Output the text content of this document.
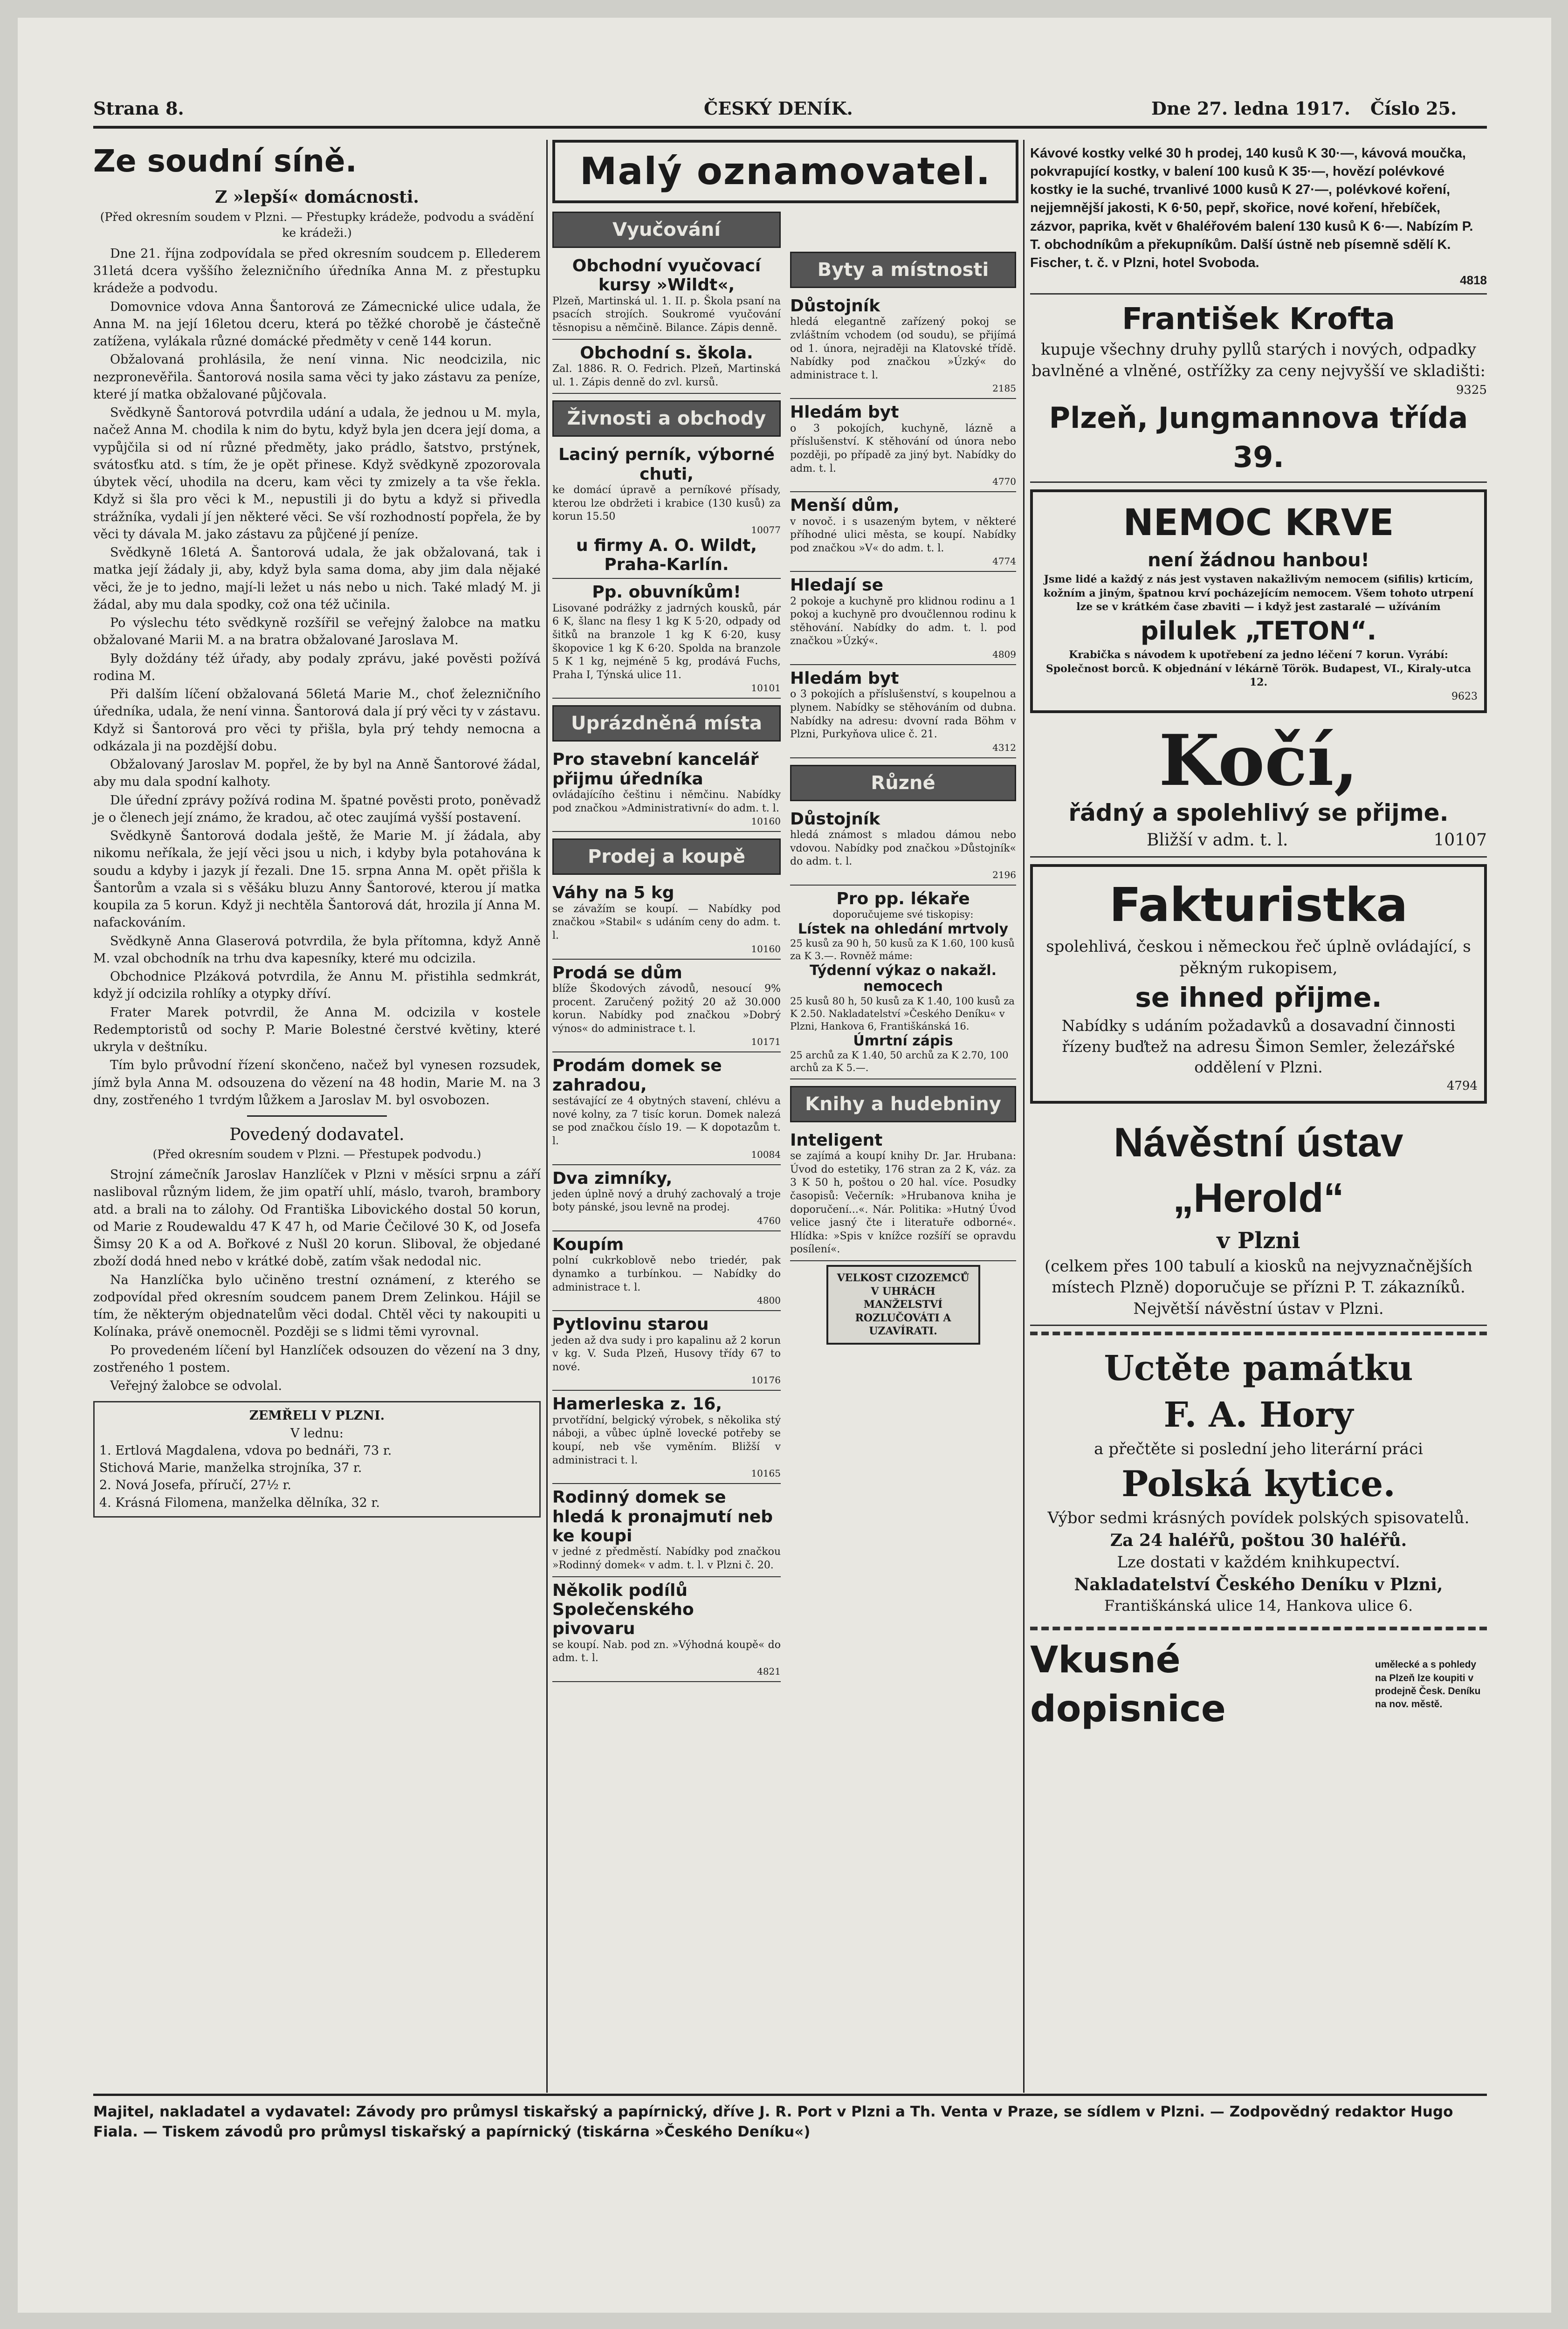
Strana 8.	ČESKÝ DENÍK.	Dne 27. ledna 1917. Číslo 25.
Ze soudní síně.
Z »lepší« domácnosti.
(Před okresním soudem v Plzni. — Přestupky krádeže, podvodu a svádění ke krádeži.)

Dne 21. října zodpovídala se před okresním soudcem p. Ellederem 31letá dcera vyššího železničního úředníka Anna M. z přestupku krádeže a podvodu.

Domovnice vdova Anna Šantorová ze Zámecnické ulice udala, že Anna M. na její 16letou dceru, která po těžké chorobě je částečně zatížena, vylákala různé domácké předměty v ceně 144 korun.

Obžalovaná prohlásila, že není vinna. Nic neodcizila, nic nezpronevěřila. Šantorová nosila sama věci ty jako zástavu za peníze, které jí matka obžalované půjčovala.

Svědkyně Šantorová potvrdila udání a udala, že jednou u M. myla, načež Anna M. chodila k nim do bytu, když byla jen dcera její doma, a vypůjčila si od ní různé předměty, jako prádlo, šatstvo, prstýnek, svátosťku atd. s tím, že je opět přinese. Když svědkyně zpozorovala úbytek věcí, uhodila na dceru, kam věci ty zmizely a ta vše řekla. Když si šla pro věci k M., nepustili ji do bytu a když si přivedla strážníka, vydali jí jen některé věci. Se vší rozhodností popřela, že by věci ty dávala M. jako zástavu za půjčené jí peníze.

Svědkyně 16letá A. Šantorová udala, že jak obžalovaná, tak i matka její žádaly ji, aby, když byla sama doma, aby jim dala nějaké věci, že je to jedno, mají-li ležet u nás nebo u nich. Také mladý M. ji žádal, aby mu dala spodky, což ona též učinila.

Po výslechu této svědkyně rozšířil se veřejný žalobce na matku obžalované Marii M. a na bratra obžalované Jaroslava M.

Byly doždány též úřady, aby podaly zprávu, jaké pověsti požívá rodina M.

Při dalším líčení obžalovaná 56letá Marie M., choť železničního úředníka, udala, že není vinna. Šantorová dala jí prý věci ty v zástavu. Když si Šantorová pro věci ty přišla, byla prý tehdy nemocna a odkázala ji na pozdější dobu.

Obžalovaný Jaroslav M. popřel, že by byl na Anně Šantorové žádal, aby mu dala spodní kalhoty.

Dle úřední zprávy požívá rodina M. špatné pověsti proto, poněvadž je o členech její známo, že kradou, ač otec zaujímá vyšší postavení.

Svědkyně Šantorová dodala ještě, že Marie M. jí žádala, aby nikomu neříkala, že její věci jsou u nich, i kdyby byla potahována k soudu a kdyby i jazyk jí řezali. Dne 15. srpna Anna M. opět přišla k Šantorům a vzala si s věšáku bluzu Anny Šantorové, kterou jí matka koupila za 5 korun. Když ji nechtěla Šantorová dát, hrozila jí Anna M. nafackováním.

Svědkyně Anna Glaserová potvrdila, že byla přítomna, když Anně M. vzal obchodník na trhu dva kapesníky, které mu odcizila.

Obchodnice Plzáková potvrdila, že Annu M. přistihla sedmkrát, když jí odcizila rohlíky a otypky dříví.

Frater Marek potvrdil, že Anna M. odcizila v kostele Redemptoristů od sochy P. Marie Bolestné čerstvé květiny, které ukryla v deštníku.

Tím bylo průvodní řízení skončeno, načež byl vynesen rozsudek, jímž byla Anna M. odsouzena do vězení na 48 hodin, Marie M. na 3 dny, zostřeného 1 tvrdým lůžkem a Jaroslav M. byl osvobozen.

Povedený dodavatel.
(Před okresním soudem v Plzni. — Přestupek podvodu.)

Strojní zámečník Jaroslav Hanzlíček v Plzni v měsíci srpnu a září nasliboval různým lidem, že jim opatří uhlí, máslo, tvaroh, brambory atd. a brali na to zálohy. Od Františka Libovického dostal 50 korun, od Marie z Roudewaldu 47 K 47 h, od Marie Čečilové 30 K, od Josefa Šimsy 20 K a od A. Bořkové z Nušl 20 korun. Sliboval, že objedané zboží dodá hned nebo v krátké době, zatím však nedodal nic.

Na Hanzlíčka bylo učiněno trestní oznámení, z kterého se zodpovídal před okresním soudcem panem Drem Zelinkou. Hájil se tím, že některým objednatelům věci dodal. Chtěl věci ty nakoupiti u Kolínaka, právě onemocněl. Později se s lidmi těmi vyrovnal.

Po provedeném líčení byl Hanzlíček odsouzen do vězení na 3 dny, zostřeného 1 postem.

Veřejný žalobce se odvolal.

ZEMŘELI V PLZNI.
V lednu:
1. Ertlová Magdalena, vdova po bednáři, 73 r.
Stichová Marie, manželka strojníka, 37 r.
2. Nová Josefa, příručí, 27½ r.
4. Krásná Filomena, manželka dělníka, 32 r.
Malý oznamovatel.
Vyučování
Obchodní vyučovací kursy »Wildt«,
Plzeň, Martinská ul. 1. II. p. Škola psaní na psacích strojích. Soukromé vyučování těsnopisu a němčině. Bilance. Zápis denně.
Obchodní s. škola.
Zal. 1886. R. O. Fedrich. Plzeň, Martinská ul. 1. Zápis denně do zvl. kursů.
Živnosti a obchody
Laciný perník, výborné chuti,
ke domácí úpravě a perníkové přísady, kterou lze obdržeti i krabice (130 kusů) za korun 15.50
10077
u firmy A. O. Wildt, Praha-Karlín.
Pp. obuvníkům!
Lisované podrážky z jadrných kousků, pár 6 K, šlanc na flesy 1 kg K 5·20, odpady od šitků na branzole 1 kg K 6·20, kusy škopovice 1 kg K 6·20. Spolda na branzole 5 K 1 kg, nejméně 5 kg, prodává Fuchs, Praha I, Týnská ulice 11.
10101
Uprázdněná místa
Pro stavební kancelář přijmu úředníka
ovládajícího češtinu i němčinu. Nabídky pod značkou »Administrativní« do adm. t. l.
10160
Prodej a koupě
Váhy na 5 kg
se závažím se koupí. — Nabídky pod značkou »Stabil« s udáním ceny do adm. t. l.
10160
Prodá se dům
blíže Škodových závodů, nesoucí 9% procent. Zaručený požitý 20 až 30.000 korun. Nabídky pod značkou »Dobrý výnos« do administrace t. l.
10171
Prodám domek se zahradou,
sestávající ze 4 obytných stavení, chlévu a nové kolny, za 7 tisíc korun. Domek nalezá se pod značkou číslo 19. — K dopotazům t. l.
10084
Dva zimníky,
jeden úplně nový a druhý zachovalý a troje boty pánské, jsou levně na prodej.
4760
Koupím
polní cukrkoblově nebo triedér, pak dynamko a turbínkou. — Nabídky do administrace t. l.
4800
Pytlovinu starou
jeden až dva sudy i pro kapalinu až 2 korun v kg. V. Suda Plzeň, Husovy třídy 67 to nové.
10176
Hamerleska z. 16,
prvotřídní, belgický výrobek, s několika stý náboji, a vůbec úplně lovecké potřeby se koupí, neb vše vyměním. Bližší v administraci t. l.
10165
Rodinný domek se hledá k pronajmutí neb ke koupi
v jedné z předměstí. Nabídky pod značkou »Rodinný domek« v adm. t. l. v Plzni č. 20.
Několik podílů Společenského pivovaru
se koupí. Nab. pod zn. »Výhodná koupě« do adm. t. l.
4821
Byty a místnosti
Důstojník
hledá elegantně zařízený pokoj se zvláštním vchodem (od soudu), se přijímá od 1. února, nejraději na Klatovské třídě. Nabídky pod značkou »Úzký« do administrace t. l.
2185
Hledám byt
o 3 pokojích, kuchyně, lázně a příslušenství. K stěhování od února nebo později, po případě za jiný byt. Nabídky do adm. t. l.
4770
Menší dům,
v novoč. i s usazeným bytem, v některé příhodné ulici města, se koupí. Nabídky pod značkou »V« do adm. t. l.
4774
Hledají se
2 pokoje a kuchyně pro klidnou rodinu a 1 pokoj a kuchyně pro dvoučlennou rodinu k stěhování. Nabídky do adm. t. l. pod značkou »Úzký«.
4809
Hledám byt
o 3 pokojích a příslušenství, s koupelnou a plynem. Nabídky se stěhováním od dubna. Nabídky na adresu: dvovní rada Böhm v Plzni, Purkyňova ulice č. 21.
4312
Různé
Důstojník
hledá známost s mladou dámou nebo vdovou. Nabídky pod značkou »Důstojník« do adm. t. l.
2196
Pro pp. lékaře
doporučujeme své tiskopisy:
Lístek na ohledání mrtvoly
25 kusů za 90 h, 50 kusů za K 1.60, 100 kusů za K 3.—. Rovněž máme:
Týdenní výkaz o nakažl. nemocech
25 kusů 80 h, 50 kusů za K 1.40, 100 kusů za K 2.50. Nakladatelství »Českého Deníku« v Plzni, Hankova 6, Františkánská 16.
Úmrtní zápis
25 archů za K 1.40, 50 archů za K 2.70, 100 archů za K 5.—.
Knihy a hudebniny
Inteligent
se zajímá a koupí knihy Dr. Jar. Hrubana: Úvod do estetiky, 176 stran za 2 K, váz. za 3 K 50 h, poštou o 20 hal. více. Posudky časopisů: Večerník: »Hrubanova kniha je doporučení...«. Nár. Politika: »Hutný Úvod velice jasný čte i literatuře odborné«. Hlídka: »Spis v knížce rozšíří se opravdu posílení«.
VELKOST CIZOZEMCŮ V UHRÁCH MANŽELSTVÍ ROZLUČOVÁTI A UZAVÍRATI.
Kávové kostky velké 30 h prodej, 140 kusů K 30·—, kávová moučka, pokvrapující kostky, v balení 100 kusů K 35·—, hovězí polévkové kostky ie la suché, trvanlivé 1000 kusů K 27·—, polévkové koření, nejjemnější jakosti, K 6·50, pepř, skořice, nové koření, hřebíček, zázvor, paprika, květ v 6haléřovém balení 130 kusů K 6·—. Nabízím P. T. obchodníkům a překupníkům. Další ústně neb písemně sdělí K. Fischer, t. č. v Plzni, hotel Svoboda.
4818
František Krofta
kupuje všechny druhy pyllů starých i nových, odpadky bavlněné a vlněné, ostřížky za ceny nejvyšší ve skladišti:
9325
Plzeň, Jungmannova třída 39.
NEMOC KRVE
není žádnou hanbou!
Jsme lidé a každý z nás jest vystaven nakažlivým nemocem (sifilis) krticím, kožním a jiným, špatnou krví pocházejícím nemocem. Všem tohoto utrpení lze se v krátkém čase zbaviti — i když jest zastaralé — užíváním
pilulek „TETON“.
Krabička s návodem k upotřebení za jedno léčení 7 korun. Vyrábí: Společnost borců. K objednání v lékárně Török. Budapest, VI., Kiraly-utca 12.
9623
Kočí,
řádný a spolehlivý se přijme.
Bližší v adm. t. l.	10107
Fakturistka
spolehlivá, českou i německou řeč úplně ovládající, s pěkným rukopisem,
se ihned přijme.
Nabídky s udáním požadavků a dosavadní činnosti řízeny buďtež na adresu Šimon Semler, železářské oddělení v Plzni.
4794
Návěstní ústav „Herold“
v Plzni
(celkem přes 100 tabulí a kiosků na nejvyznačnějších místech Plzně) doporučuje se přízni P. T. zákazníků. Největší návěstní ústav v Plzni.
Uctěte památku
F. A. Hory
a přečtěte si poslední jeho literární práci
Polská kytice.
Výbor sedmi krásných povídek polských spisovatelů.
Za 24 haléřů, poštou 30 haléřů.
Lze dostati v každém knihkupectví.
Nakladatelství Českého Deníku v Plzni,
Františkánská ulice 14, Hankova ulice 6.
Vkusné dopisnice
umělecké a s pohledy na Plzeň lze koupiti v prodejně Česk. Deníku na nov. městě.
Majitel, nakladatel a vydavatel: Závody pro průmysl tiskařský a papírnický, dříve J. R. Port v Plzni a Th. Venta v Praze, se sídlem v Plzni. — Zodpovědný redaktor Hugo Fiala. — Tiskem závodů pro průmysl tiskařský a papírnický (tiskárna »Českého Deníku«)
